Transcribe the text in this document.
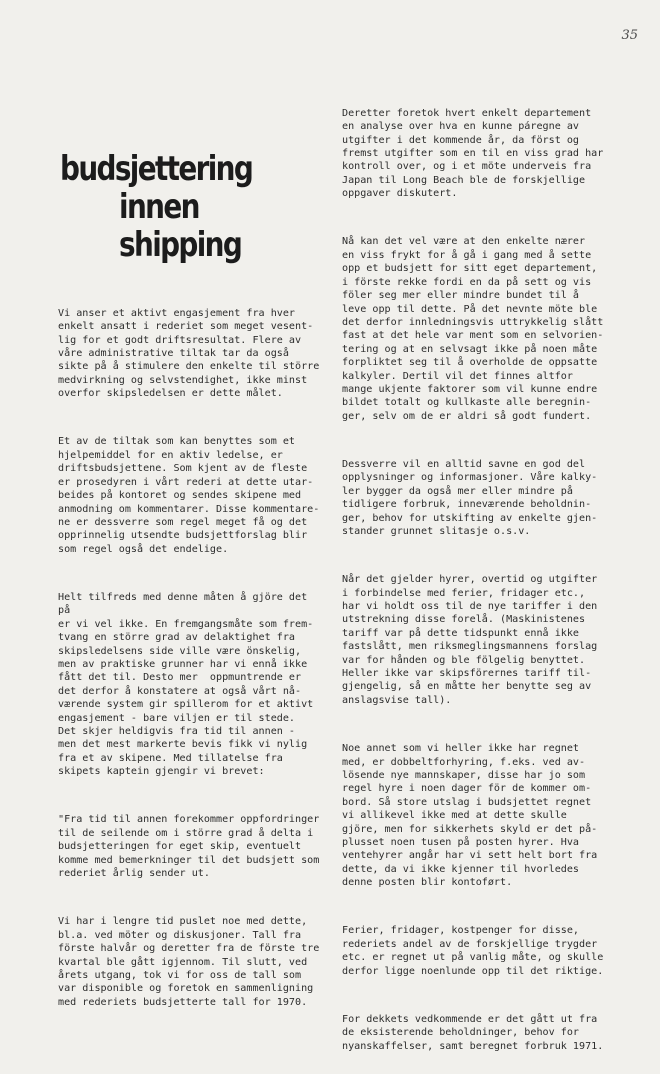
35
budsjettering
innen shipping

Vi anser et aktivt engasjement fra hver
enkelt ansatt i rederiet som meget vesent-
lig for et godt driftsresultat. Flere av
våre administrative tiltak tar da også
sikte på å stimulere den enkelte til större
medvirkning og selvstendighet, ikke minst
overfor skipsledelsen er dette målet.

Et av de tiltak som kan benyttes som et
hjelpemiddel for en aktiv ledelse, er
driftsbudsjettene. Som kjent av de fleste
er prosedyren i vårt rederi at dette utar-
beides på kontoret og sendes skipene med
anmodning om kommentarer. Disse kommentare-
ne er dessverre som regel meget få og det
opprinnelig utsendte budsjettforslag blir
som regel også det endelige.

Helt tilfreds med denne måten å gjöre det på
er vi vel ikke. En fremgangsmåte som frem-
tvang en större grad av delaktighet fra
skipsledelsens side ville være önskelig,
men av praktiske grunner har vi ennå ikke
fått det til. Desto mer  oppmuntrende er
det derfor å konstatere at også vårt nå-
værende system gir spillerom for et aktivt
engasjement - bare viljen er til stede.
Det skjer heldigvis fra tid til annen -
men det mest markerte bevis fikk vi nylig
fra et av skipene. Med tillatelse fra
skipets kaptein gjengir vi brevet:

"Fra tid til annen forekommer oppfordringer
til de seilende om i större grad å delta i
budsjetteringen for eget skip, eventuelt
komme med bemerkninger til det budsjett som
rederiet årlig sender ut.

Vi har i lengre tid puslet noe med dette,
bl.a. ved möter og diskusjoner. Tall fra
förste halvår og deretter fra de förste tre
kvartal ble gått igjennom. Til slutt, ved
årets utgang, tok vi for oss de tall som
var disponible og foretok en sammenligning
med rederiets budsjetterte tall for 1970.

Deretter foretok hvert enkelt departement
en analyse over hva en kunne páregne av
utgifter i det kommende år, da först og
fremst utgifter som en til en viss grad har
kontroll over, og i et möte underveis fra
Japan til Long Beach ble de forskjellige
oppgaver diskutert.

Nå kan det vel være at den enkelte nærer
en viss frykt for å gå i gang med å sette
opp et budsjett for sitt eget departement,
i förste rekke fordi en da på sett og vis
föler seg mer eller mindre bundet til å
leve opp til dette. På det nevnte möte ble
det derfor innledningsvis uttrykkelig slått
fast at det hele var ment som en selvorien-
tering og at en selvsagt ikke på noen måte
forpliktet seg til å overholde de oppsatte
kalkyler. Dertil vil det finnes altfor
mange ukjente faktorer som vil kunne endre
bildet totalt og kullkaste alle beregnin-
ger, selv om de er aldri så godt fundert.

Dessverre vil en alltid savne en god del
opplysninger og informasjoner. Våre kalky-
ler bygger da også mer eller mindre på
tidligere forbruk, inneværende beholdnin-
ger, behov for utskifting av enkelte gjen-
stander grunnet slitasje o.s.v.

Når det gjelder hyrer, overtid og utgifter
i forbindelse med ferier, fridager etc.,
har vi holdt oss til de nye tariffer i den
utstrekning disse forelå. (Maskinistenes
tariff var på dette tidspunkt ennå ikke
fastslått, men riksmeglingsmannens forslag
var for hånden og ble fölgelig benyttet.
Heller ikke var skipsförernes tariff til-
gjengelig, så en måtte her benytte seg av
anslagsvise tall).

Noe annet som vi heller ikke har regnet
med, er dobbeltforhyring, f.eks. ved av-
lösende nye mannskaper, disse har jo som
regel hyre i noen dager för de kommer om-
bord. Så store utslag i budsjettet regnet
vi allikevel ikke med at dette skulle
gjöre, men for sikkerhets skyld er det på-
plusset noen tusen på posten hyrer. Hva
ventehyrer angår har vi sett helt bort fra
dette, da vi ikke kjenner til hvorledes
denne posten blir kontoført.

Ferier, fridager, kostpenger for disse,
rederiets andel av de forskjellige trygder
etc. er regnet ut på vanlig måte, og skulle
derfor ligge noenlunde opp til det riktige.

For dekkets vedkommende er det gått ut fra
de eksisterende beholdninger, behov for
nyanskaffelser, samt beregnet forbruk 1971.
